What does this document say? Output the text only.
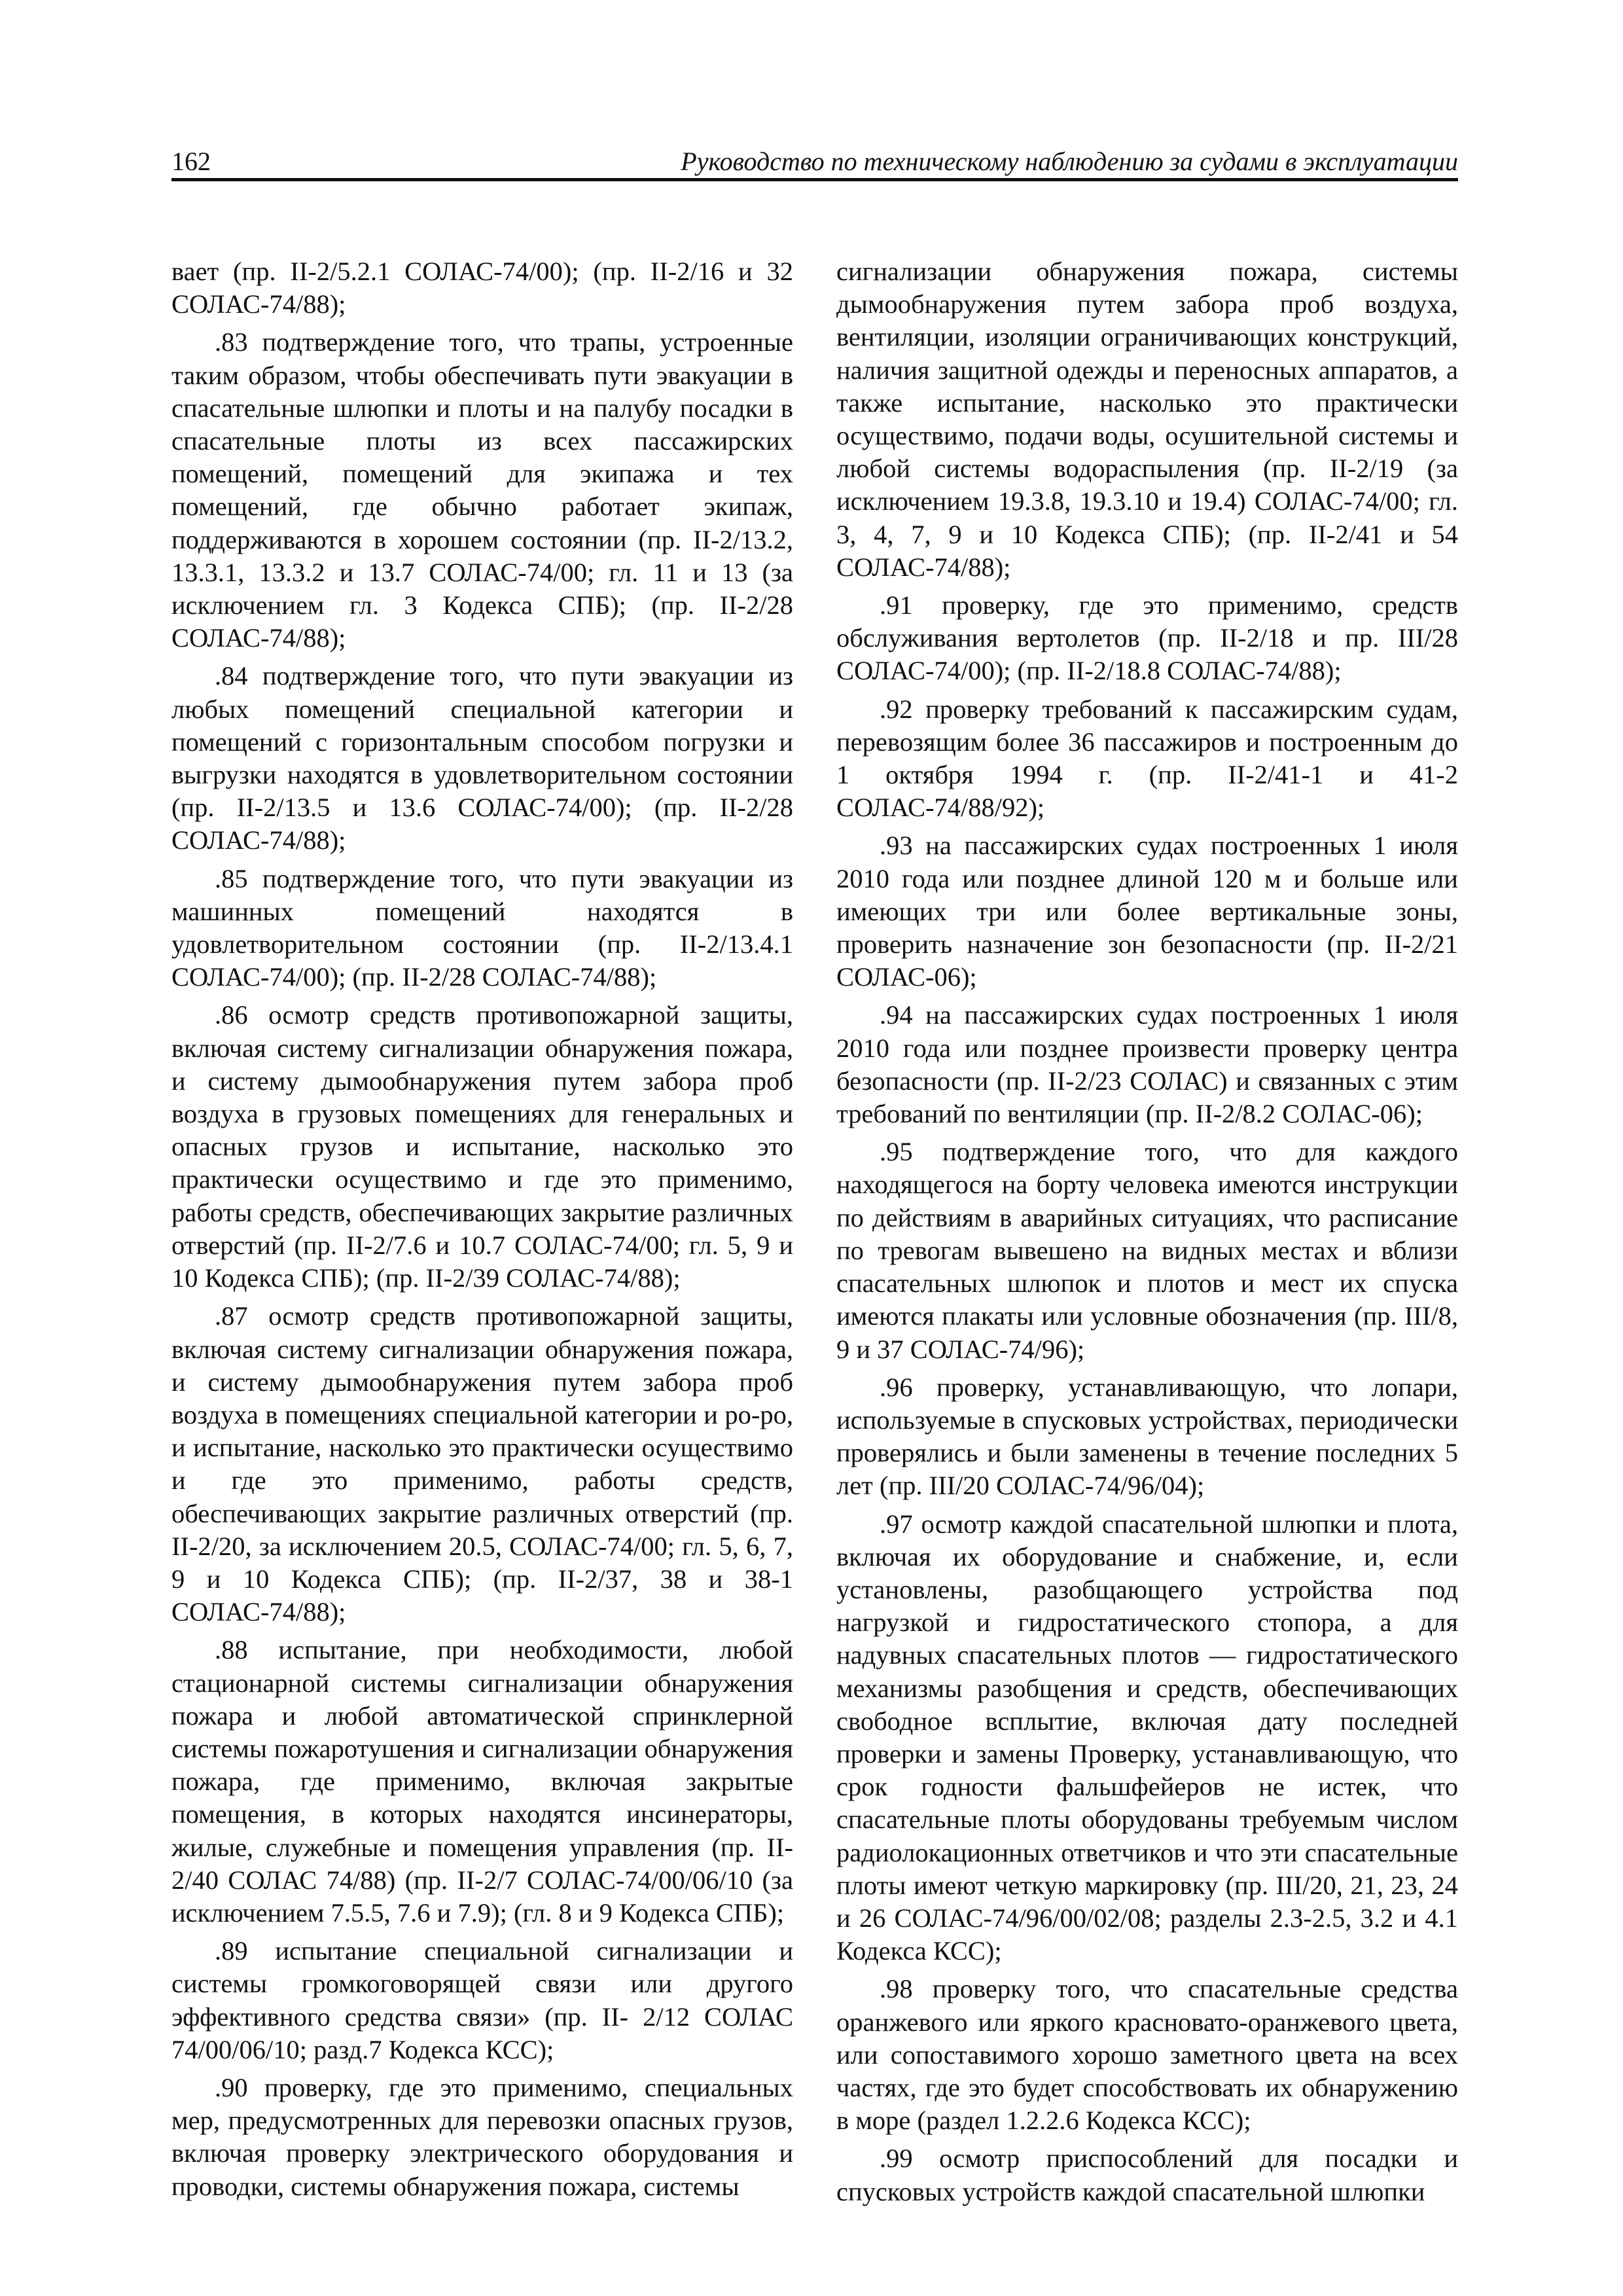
162	Руководство по техническому наблюдению за судами в эксплуатации

вает (пр. II-2/5.2.1 СОЛАС-74/00); (пр. II-2/16 и 32 СОЛАС-74/88);

.83 подтверждение того, что трапы, устроенные таким образом, чтобы обеспечивать пути эвакуации в спасательные шлюпки и плоты и на палубу посадки в спасательные плоты из всех пассажирских помещений, помещений для экипажа и тех помещений, где обычно работает экипаж, поддерживаются в хорошем состоянии (пр. II-2/13.2, 13.3.1, 13.3.2 и 13.7 СОЛАС-74/00; гл. 11 и 13 (за исключением гл. 3 Кодекса СПБ); (пр. II-2/28 СОЛАС-74/88);

.84 подтверждение того, что пути эвакуации из любых помещений специальной категории и помещений с горизонтальным способом погрузки и выгрузки находятся в удовлетворительном состоянии (пр. II-2/13.5 и 13.6 СОЛАС-74/00); (пр. II-2/28 СОЛАС-74/88);

.85 подтверждение того, что пути эвакуации из машинных помещений находятся в удовлетворительном состоянии (пр. II-2/13.4.1 СОЛАС-74/00); (пр. II-2/28 СОЛАС-74/88);

.86 осмотр средств противопожарной защиты, включая систему сигнализации обнаружения пожара, и систему дымообнаружения путем забора проб воздуха в грузовых помещениях для генеральных и опасных грузов и испытание, насколько это практически осуществимо и где это применимо, работы средств, обеспечивающих закрытие различных отверстий (пр. II-2/7.6 и 10.7 СОЛАС-74/00; гл. 5, 9 и 10 Кодекса СПБ); (пр. II-2/39 СОЛАС-74/88);

.87 осмотр средств противопожарной защиты, включая систему сигнализации обнаружения пожара, и систему дымообнаружения путем забора проб воздуха в помещениях специальной категории и ро-ро, и испытание, насколько это практически осуществимо и где это применимо, работы средств, обеспечивающих закрытие различных отверстий (пр. II-2/20, за исключением 20.5, СОЛАС-74/00; гл. 5, 6, 7, 9 и 10 Кодекса СПБ); (пр. II-2/37, 38 и 38-1 СОЛАС-74/88);

.88 испытание, при необходимости, любой стационарной системы сигнализации обнаружения пожара и любой автоматической спринклерной системы пожаротушения и сигнализации обнаружения пожара, где применимо, включая закрытые помещения, в которых находятся инсинераторы, жилые, служебные и помещения управления (пр. II-2/40 СОЛАС 74/88) (пр. II-2/7 СОЛАС-74/00/06/10 (за исключением 7.5.5, 7.6 и 7.9); (гл. 8 и 9 Кодекса СПБ);

.89 испытание специальной сигнализации и системы громкоговорящей связи или другого эффективного средства связи» (пр. II- 2/12 СОЛАС 74/00/06/10; разд.7 Кодекса КСС);

.90 проверку, где это применимо, специальных мер, предусмотренных для перевозки опасных грузов, включая проверку электрического оборудования и проводки, системы обнаружения пожара, системы

сигнализации обнаружения пожара, системы дымообнаружения путем забора проб воздуха, вентиляции, изоляции ограничивающих конструкций, наличия защитной одежды и переносных аппаратов, а также испытание, насколько это практически осуществимо, подачи воды, осушительной системы и любой системы водораспыления (пр. II-2/19 (за исключением 19.3.8, 19.3.10 и 19.4) СОЛАС-74/00; гл. 3, 4, 7, 9 и 10 Кодекса СПБ); (пр. II-2/41 и 54 СОЛАС-74/88);

.91 проверку, где это применимо, средств обслуживания вертолетов (пр. II-2/18 и пр. III/28 СОЛАС-74/00); (пр. II-2/18.8 СОЛАС-74/88);

.92 проверку требований к пассажирским судам, перевозящим более 36 пассажиров и построенным до 1 октября 1994 г. (пр. II-2/41-1 и 41-2 СОЛАС-74/88/92);

.93 на пассажирских судах построенных 1 июля 2010 года или позднее длиной 120 м и больше или имеющих три или более вертикальные зоны, проверить назначение зон безопасности (пр. II-2/21 СОЛАС-06);

.94 на пассажирских судах построенных 1 июля 2010 года или позднее произвести проверку центра безопасности (пр. II-2/23 СОЛАС) и связанных с этим требований по вентиляции (пр. II-2/8.2 СОЛАС-06);

.95 подтверждение того, что для каждого находящегося на борту человека имеются инструкции по действиям в аварийных ситуациях, что расписание по тревогам вывешено на видных местах и вблизи спасательных шлюпок и плотов и мест их спуска имеются плакаты или условные обозначения (пр. III/8, 9 и 37 СОЛАС-74/96);

.96 проверку, устанавливающую, что лопари, используемые в спусковых устройствах, периодически проверялись и были заменены в течение последних 5 лет (пр. III/20 СОЛАС-74/96/04);

.97 осмотр каждой спасательной шлюпки и плота, включая их оборудование и снабжение, и, если установлены, разобщающего устройства под нагрузкой и гидростатического стопора, а для надувных спасательных плотов — гидростатического механизмы разобщения и средств, обеспечивающих свободное всплытие, включая дату последней проверки и замены Проверку, устанавливающую, что срок годности фальшфейеров не истек, что спасательные плоты оборудованы требуемым числом радиолокационных ответчиков и что эти спасательные плоты имеют четкую маркировку (пр. III/20, 21, 23, 24 и 26 СОЛАС-74/96/00/02/08; разделы 2.3-2.5, 3.2 и 4.1 Кодекса КСС);

.98 проверку того, что спасательные средства оранжевого или яркого красновато-оранжевого цвета, или сопоставимого хорошо заметного цвета на всех частях, где это будет способствовать их обнаружению в море (раздел 1.2.2.6 Кодекса КСС);

.99 осмотр приспособлений для посадки и спусковых устройств каждой спасательной шлюпки
